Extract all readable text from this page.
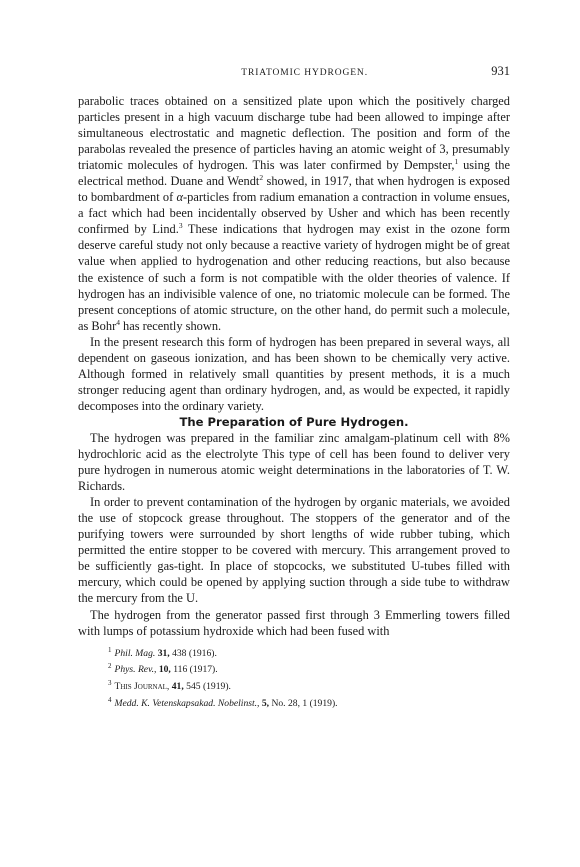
TRIATOMIC HYDROGEN.	931

parabolic traces obtained on a sensitized plate upon which the positively charged particles present in a high vacuum discharge tube had been allowed to impinge after simultaneous electrostatic and magnetic deflection. The position and form of the parabolas revealed the presence of particles having an atomic weight of 3, presumably triatomic molecules of hydrogen. This was later confirmed by Dempster,$^1$ using the electrical method. Duane and Wendt$^2$ showed, in 1917, that when hydrogen is exposed to bombardment of α-particles from radium emanation a contraction in volume ensues, a fact which had been incidentally observed by Usher and which has been recently confirmed by Lind.$^3$ These indications that hydrogen may exist in the ozone form deserve careful study not only because a reactive variety of hydrogen might be of great value when applied to hydrogenation and other reducing reactions, but also because the existence of such a form is not compatible with the older theories of valence. If hydrogen has an indivisible valence of one, no triatomic molecule can be formed. The present conceptions of atomic structure, on the other hand, do permit such a molecule, as Bohr$^4$ has recently shown.

In the present research this form of hydrogen has been prepared in several ways, all dependent on gaseous ionization, and has been shown to be chemically very active. Although formed in relatively small quantities by present methods, it is a much stronger reducing agent than ordinary hydrogen, and, as would be expected, it rapidly decomposes into the ordinary variety.

The Preparation of Pure Hydrogen.

The hydrogen was prepared in the familiar zinc amalgam-platinum cell with 8% hydrochloric acid as the electrolyte This type of cell has been found to deliver very pure hydrogen in numerous atomic weight determinations in the laboratories of T. W. Richards.

In order to prevent contamination of the hydrogen by organic materials, we avoided the use of stopcock grease throughout. The stoppers of the generator and of the purifying towers were surrounded by short lengths of wide rubber tubing, which permitted the entire stopper to be covered with mercury. This arrangement proved to be sufficiently gas-tight. In place of stopcocks, we substituted U-tubes filled with mercury, which could be opened by applying suction through a side tube to withdraw the mercury from the U.

The hydrogen from the generator passed first through 3 Emmerling towers filled with lumps of potassium hydroxide which had been fused with

$^1$ Phil. Mag. 31, 438 (1916).
$^2$ Phys. Rev., 10, 116 (1917).
$^3$ This Journal, 41, 545 (1919).
$^4$ Medd. K. Vetenskapsakad. Nobelinst., 5, No. 28, 1 (1919).
